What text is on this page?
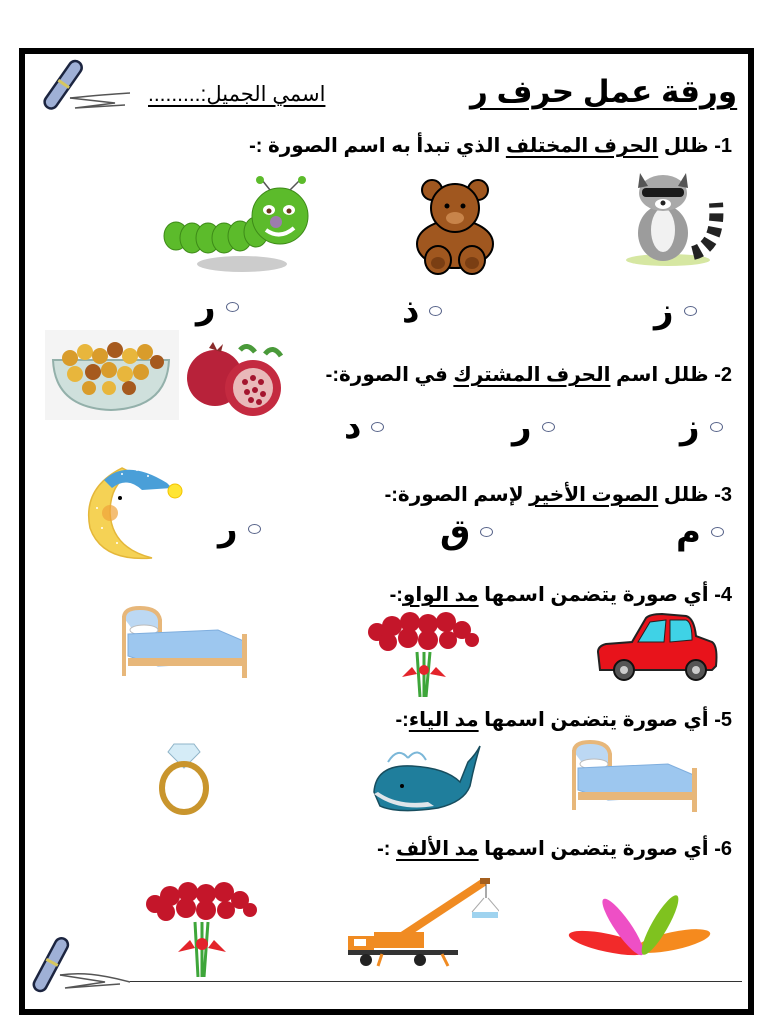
ورقة عمل حرف ر
اسمي الجميل:.........
1- ظلل الحرف المختلف الذي تبدأ به اسم الصورة :-
ز
ذ
ر
2- ظلل اسم الحرف المشترك في الصورة:-
ز
ر
د
3- ظلل الصوت الأخير لإسم الصورة:-
م
ق
ر
4- أي صورة يتضمن اسمها مد الواو:-
5- أي صورة يتضمن اسمها مد الياء:-
6- أي صورة يتضمن اسمها مد الألف :-
